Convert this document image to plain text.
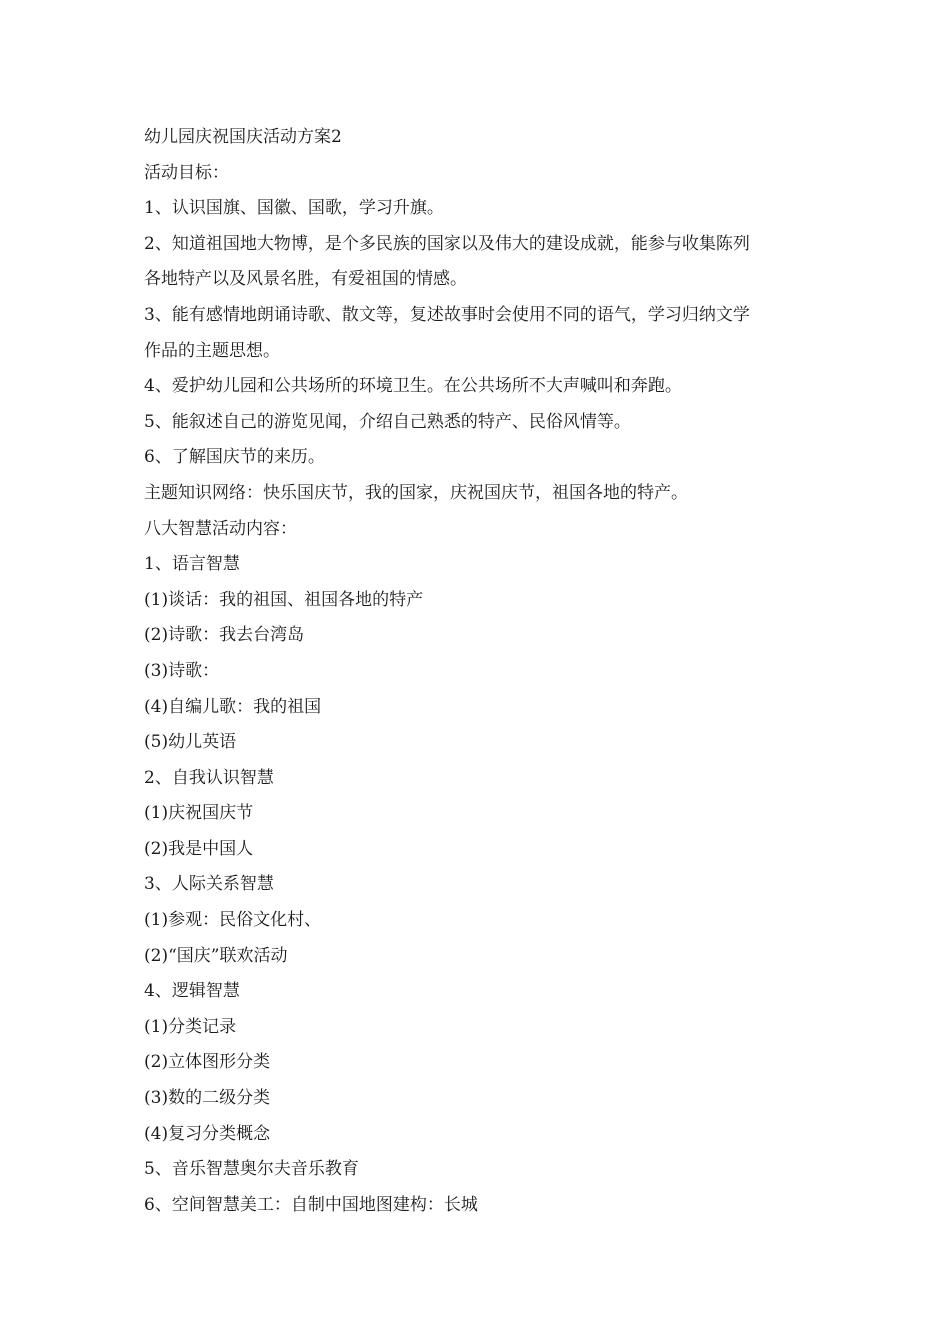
幼儿园庆祝国庆活动方案2

活动目标：

1、认识国旗、国徽、国歌，学习升旗。

2、知道祖国地大物博，是个多民族的国家以及伟大的建设成就，能参与收集陈列

各地特产以及风景名胜，有爱祖国的情感。

3、能有感情地朗诵诗歌、散文等，复述故事时会使用不同的语气，学习归纳文学

作品的主题思想。

4、爱护幼儿园和公共场所的环境卫生。在公共场所不大声喊叫和奔跑。

5、能叙述自己的游览见闻，介绍自己熟悉的特产、民俗风情等。

6、了解国庆节的来历。

主题知识网络：快乐国庆节，我的国家，庆祝国庆节，祖国各地的特产。

八大智慧活动内容：

1、语言智慧

(1)谈话：我的祖国、祖国各地的特产

(2)诗歌：我去台湾岛

(3)诗歌：

(4)自编儿歌：我的祖国

(5)幼儿英语

2、自我认识智慧

(1)庆祝国庆节

(2)我是中国人

3、人际关系智慧

(1)参观：民俗文化村、

(2)“国庆”联欢活动

4、逻辑智慧

(1)分类记录

(2)立体图形分类

(3)数的二级分类

(4)复习分类概念

5、音乐智慧奥尔夫音乐教育

6、空间智慧美工：自制中国地图建构：长城
